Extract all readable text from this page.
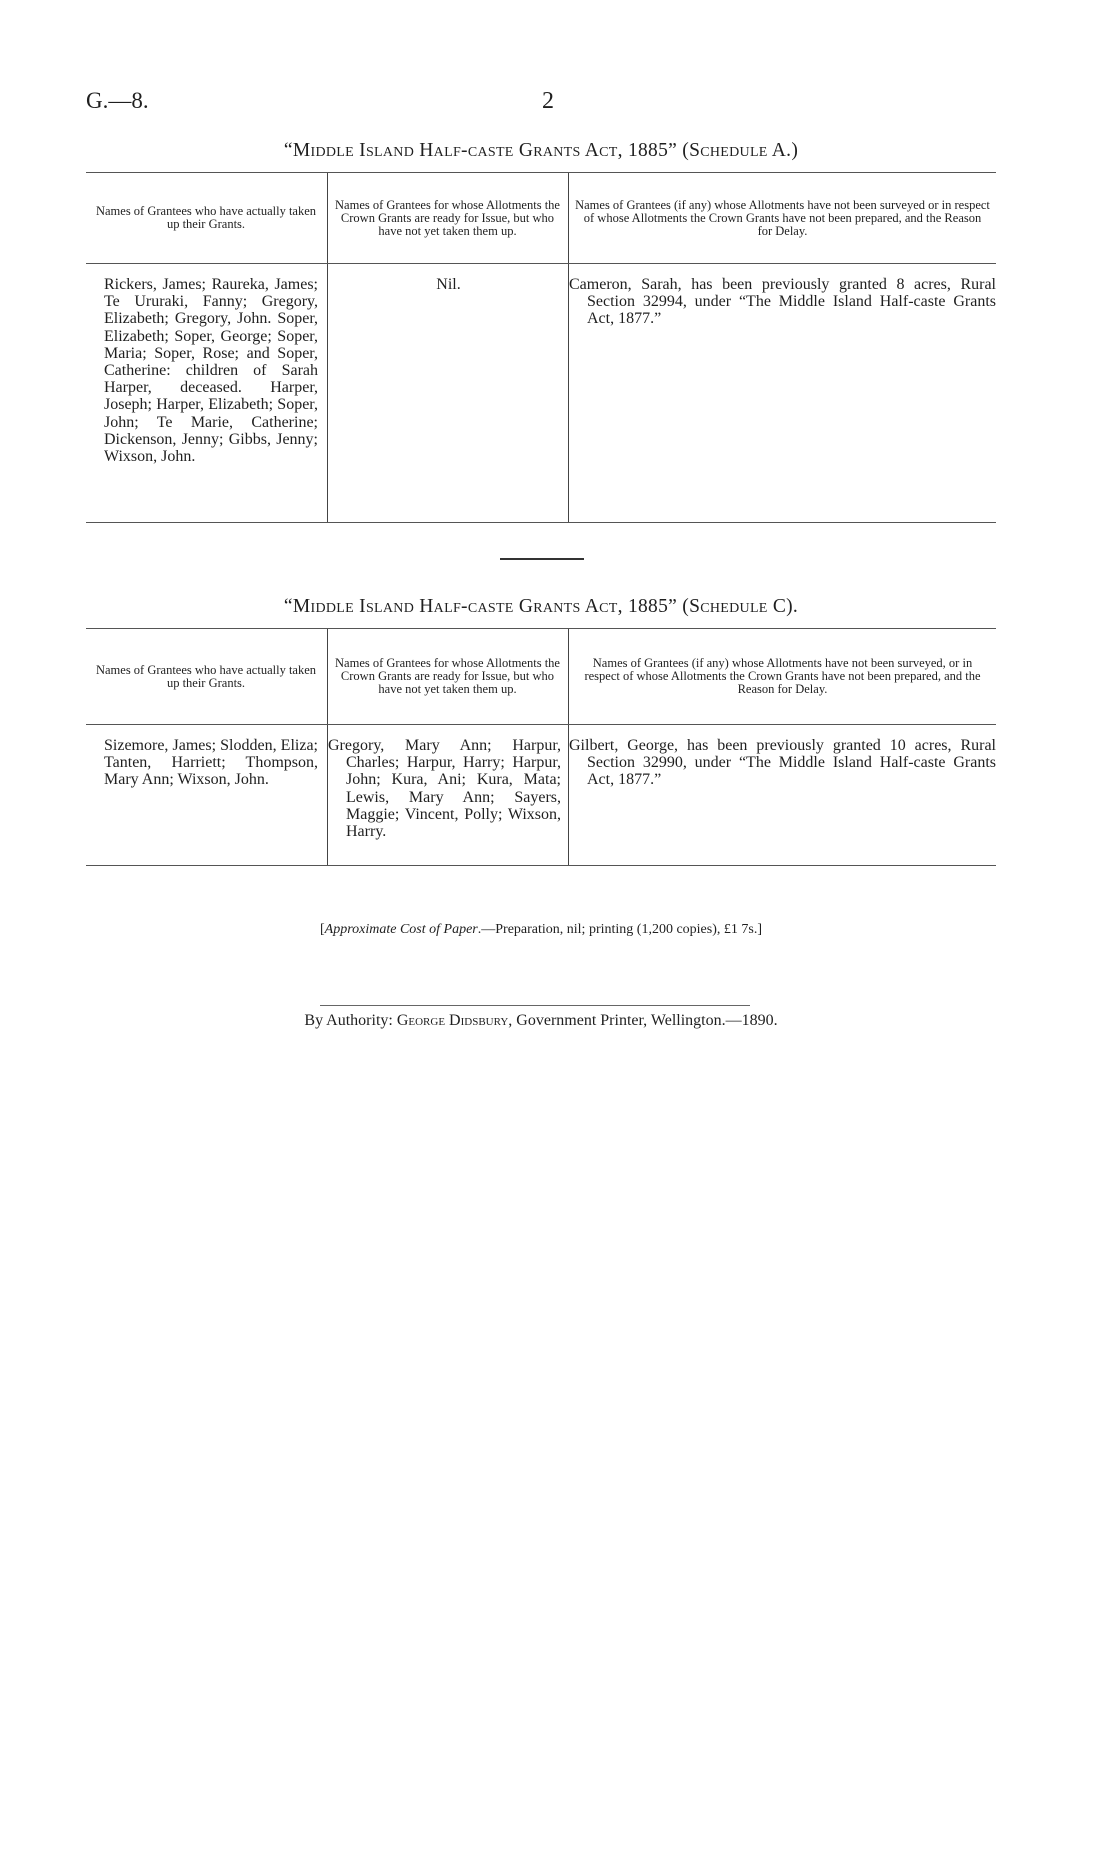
G.—8.	2
“Middle Island Half-caste Grants Act, 1885” (Schedule A.)
Names of Grantees who have actually taken up their Grants.
Names of Grantees for whose Allotments the Crown Grants are ready for Issue, but who have not yet taken them up.
Names of Grantees (if any) whose Allotments have not been surveyed or in respect of whose Allotments the Crown Grants have not been prepared, and the Reason for Delay.
Rickers, James; Raureka, James; Te Ururaki, Fanny; Gregory, Elizabeth; Gregory, John. Soper, Elizabeth; Soper, George; Soper, Maria; Soper, Rose; and Soper, Catherine: children of Sarah Harper, deceased. Harper, Joseph; Harper, Elizabeth; Soper, John; Te Marie, Catherine; Dickenson, Jenny; Gibbs, Jenny; Wixson, John.
Nil.	Cameron, Sarah, has been previously granted 8 acres, Rural Section 32994, under “The Middle Island Half-caste Grants Act, 1877.”
“Middle Island Half-caste Grants Act, 1885” (Schedule C).
Names of Grantees who have actually taken up their Grants.
Names of Grantees for whose Allotments the Crown Grants are ready for Issue, but who have not yet taken them up.
Names of Grantees (if any) whose Allotments have not been surveyed, or in respect of whose Allotments the Crown Grants have not been prepared, and the Reason for Delay.
Sizemore, James; Slodden, Eliza; Tanten, Harriett; Thompson, Mary Ann; Wixson, John.
Gregory, Mary Ann; Harpur, Charles; Harpur, Harry; Harpur, John; Kura, Ani; Kura, Mata; Lewis, Mary Ann; Sayers, Maggie; Vincent, Polly; Wixson, Harry.
Gilbert, George, has been previously granted 10 acres, Rural Section 32990, under “The Middle Island Half-caste Grants Act, 1877.”
[Approximate Cost of Paper.—Preparation, nil; printing (1,200 copies), £1 7s.]
By Authority: George Didsbury, Government Printer, Wellington.—1890.
